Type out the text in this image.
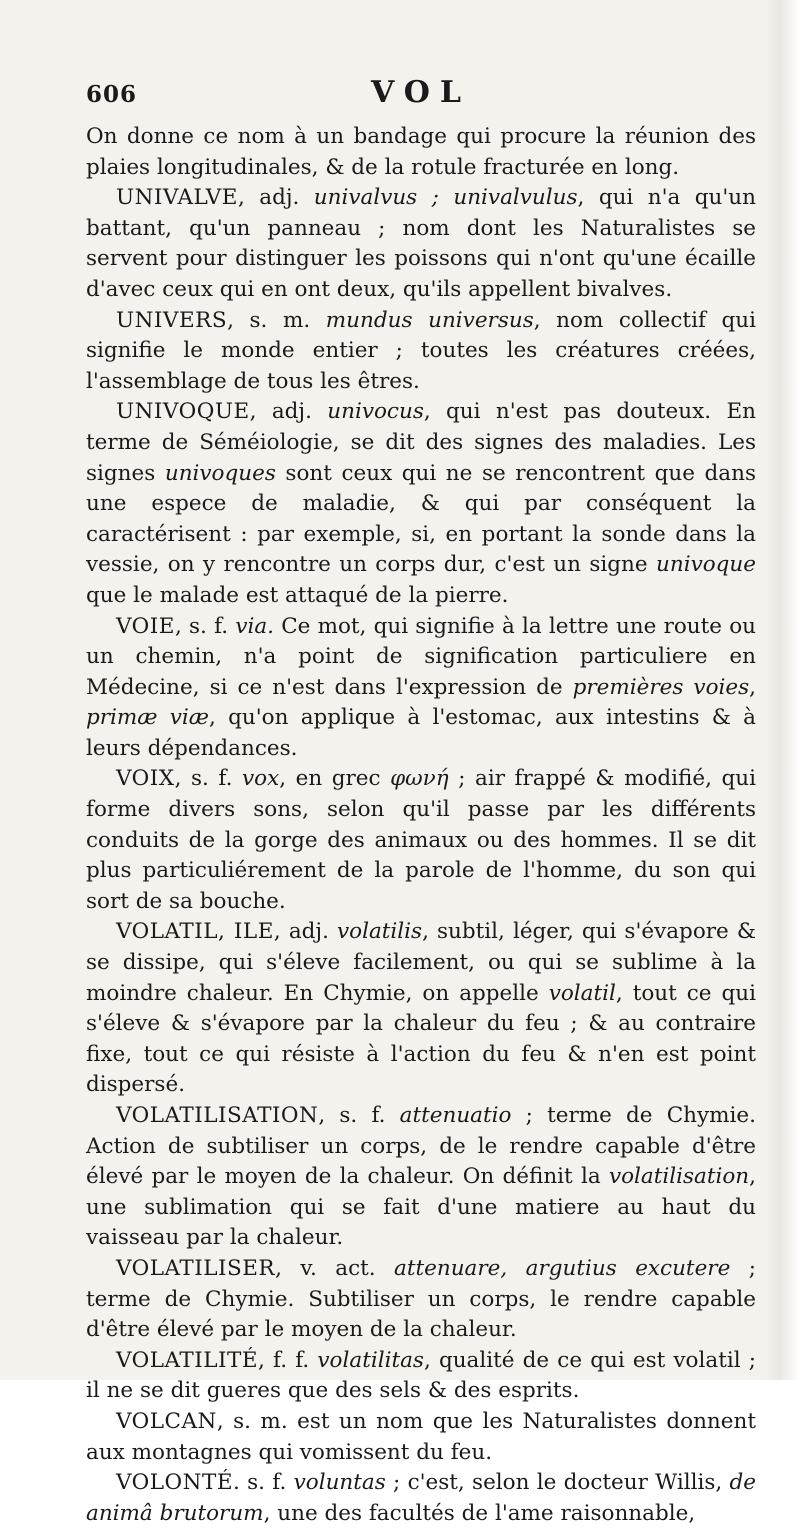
606	VOL

On donne ce nom à un bandage qui procure la réunion des plaies longitudinales, & de la rotule fracturée en long.

UNIVALVE, adj. univalvus ; univalvulus, qui n'a qu'un battant, qu'un panneau ; nom dont les Naturalistes se servent pour distinguer les poissons qui n'ont qu'une écaille d'avec ceux qui en ont deux, qu'ils appellent bivalves.

UNIVERS, s. m. mundus universus, nom collectif qui signifie le monde entier ; toutes les créatures créées, l'assemblage de tous les êtres.

UNIVOQUE, adj. univocus, qui n'est pas douteux. En terme de Séméiologie, se dit des signes des maladies. Les signes univoques sont ceux qui ne se rencontrent que dans une espece de maladie, & qui par conséquent la caractérisent : par exemple, si, en portant la sonde dans la vessie, on y rencontre un corps dur, c'est un signe univoque que le malade est attaqué de la pierre.

VOIE, s. f. via. Ce mot, qui signifie à la lettre une route ou un chemin, n'a point de signification particuliere en Médecine, si ce n'est dans l'expression de premières voies, primæ viæ, qu'on applique à l'estomac, aux intestins & à leurs dépendances.

VOIX, s. f. vox, en grec φωνή ; air frappé & modifié, qui forme divers sons, selon qu'il passe par les différents conduits de la gorge des animaux ou des hommes. Il se dit plus particuliérement de la parole de l'homme, du son qui sort de sa bouche.

VOLATIL, ILE, adj. volatilis, subtil, léger, qui s'évapore & se dissipe, qui s'éleve facilement, ou qui se sublime à la moindre chaleur. En Chymie, on appelle volatil, tout ce qui s'éleve & s'évapore par la chaleur du feu ; & au contraire fixe, tout ce qui résiste à l'action du feu & n'en est point dispersé.

VOLATILISATION, s. f. attenuatio ; terme de Chymie. Action de subtiliser un corps, de le rendre capable d'être élevé par le moyen de la chaleur. On définit la volatilisation, une sublimation qui se fait d'une matiere au haut du vaisseau par la chaleur.

VOLATILISER, v. act. attenuare, argutius excutere ; terme de Chymie. Subtiliser un corps, le rendre capable d'être élevé par le moyen de la chaleur.

VOLATILITÉ, f. f. volatilitas, qualité de ce qui est volatil ; il ne se dit gueres que des sels & des esprits.

VOLCAN, s. m. est un nom que les Naturalistes donnent aux montagnes qui vomissent du feu.

VOLONTÉ. s. f. voluntas ; c'est, selon le docteur Willis, de animâ brutorum, une des facultés de l'ame raisonnable,
